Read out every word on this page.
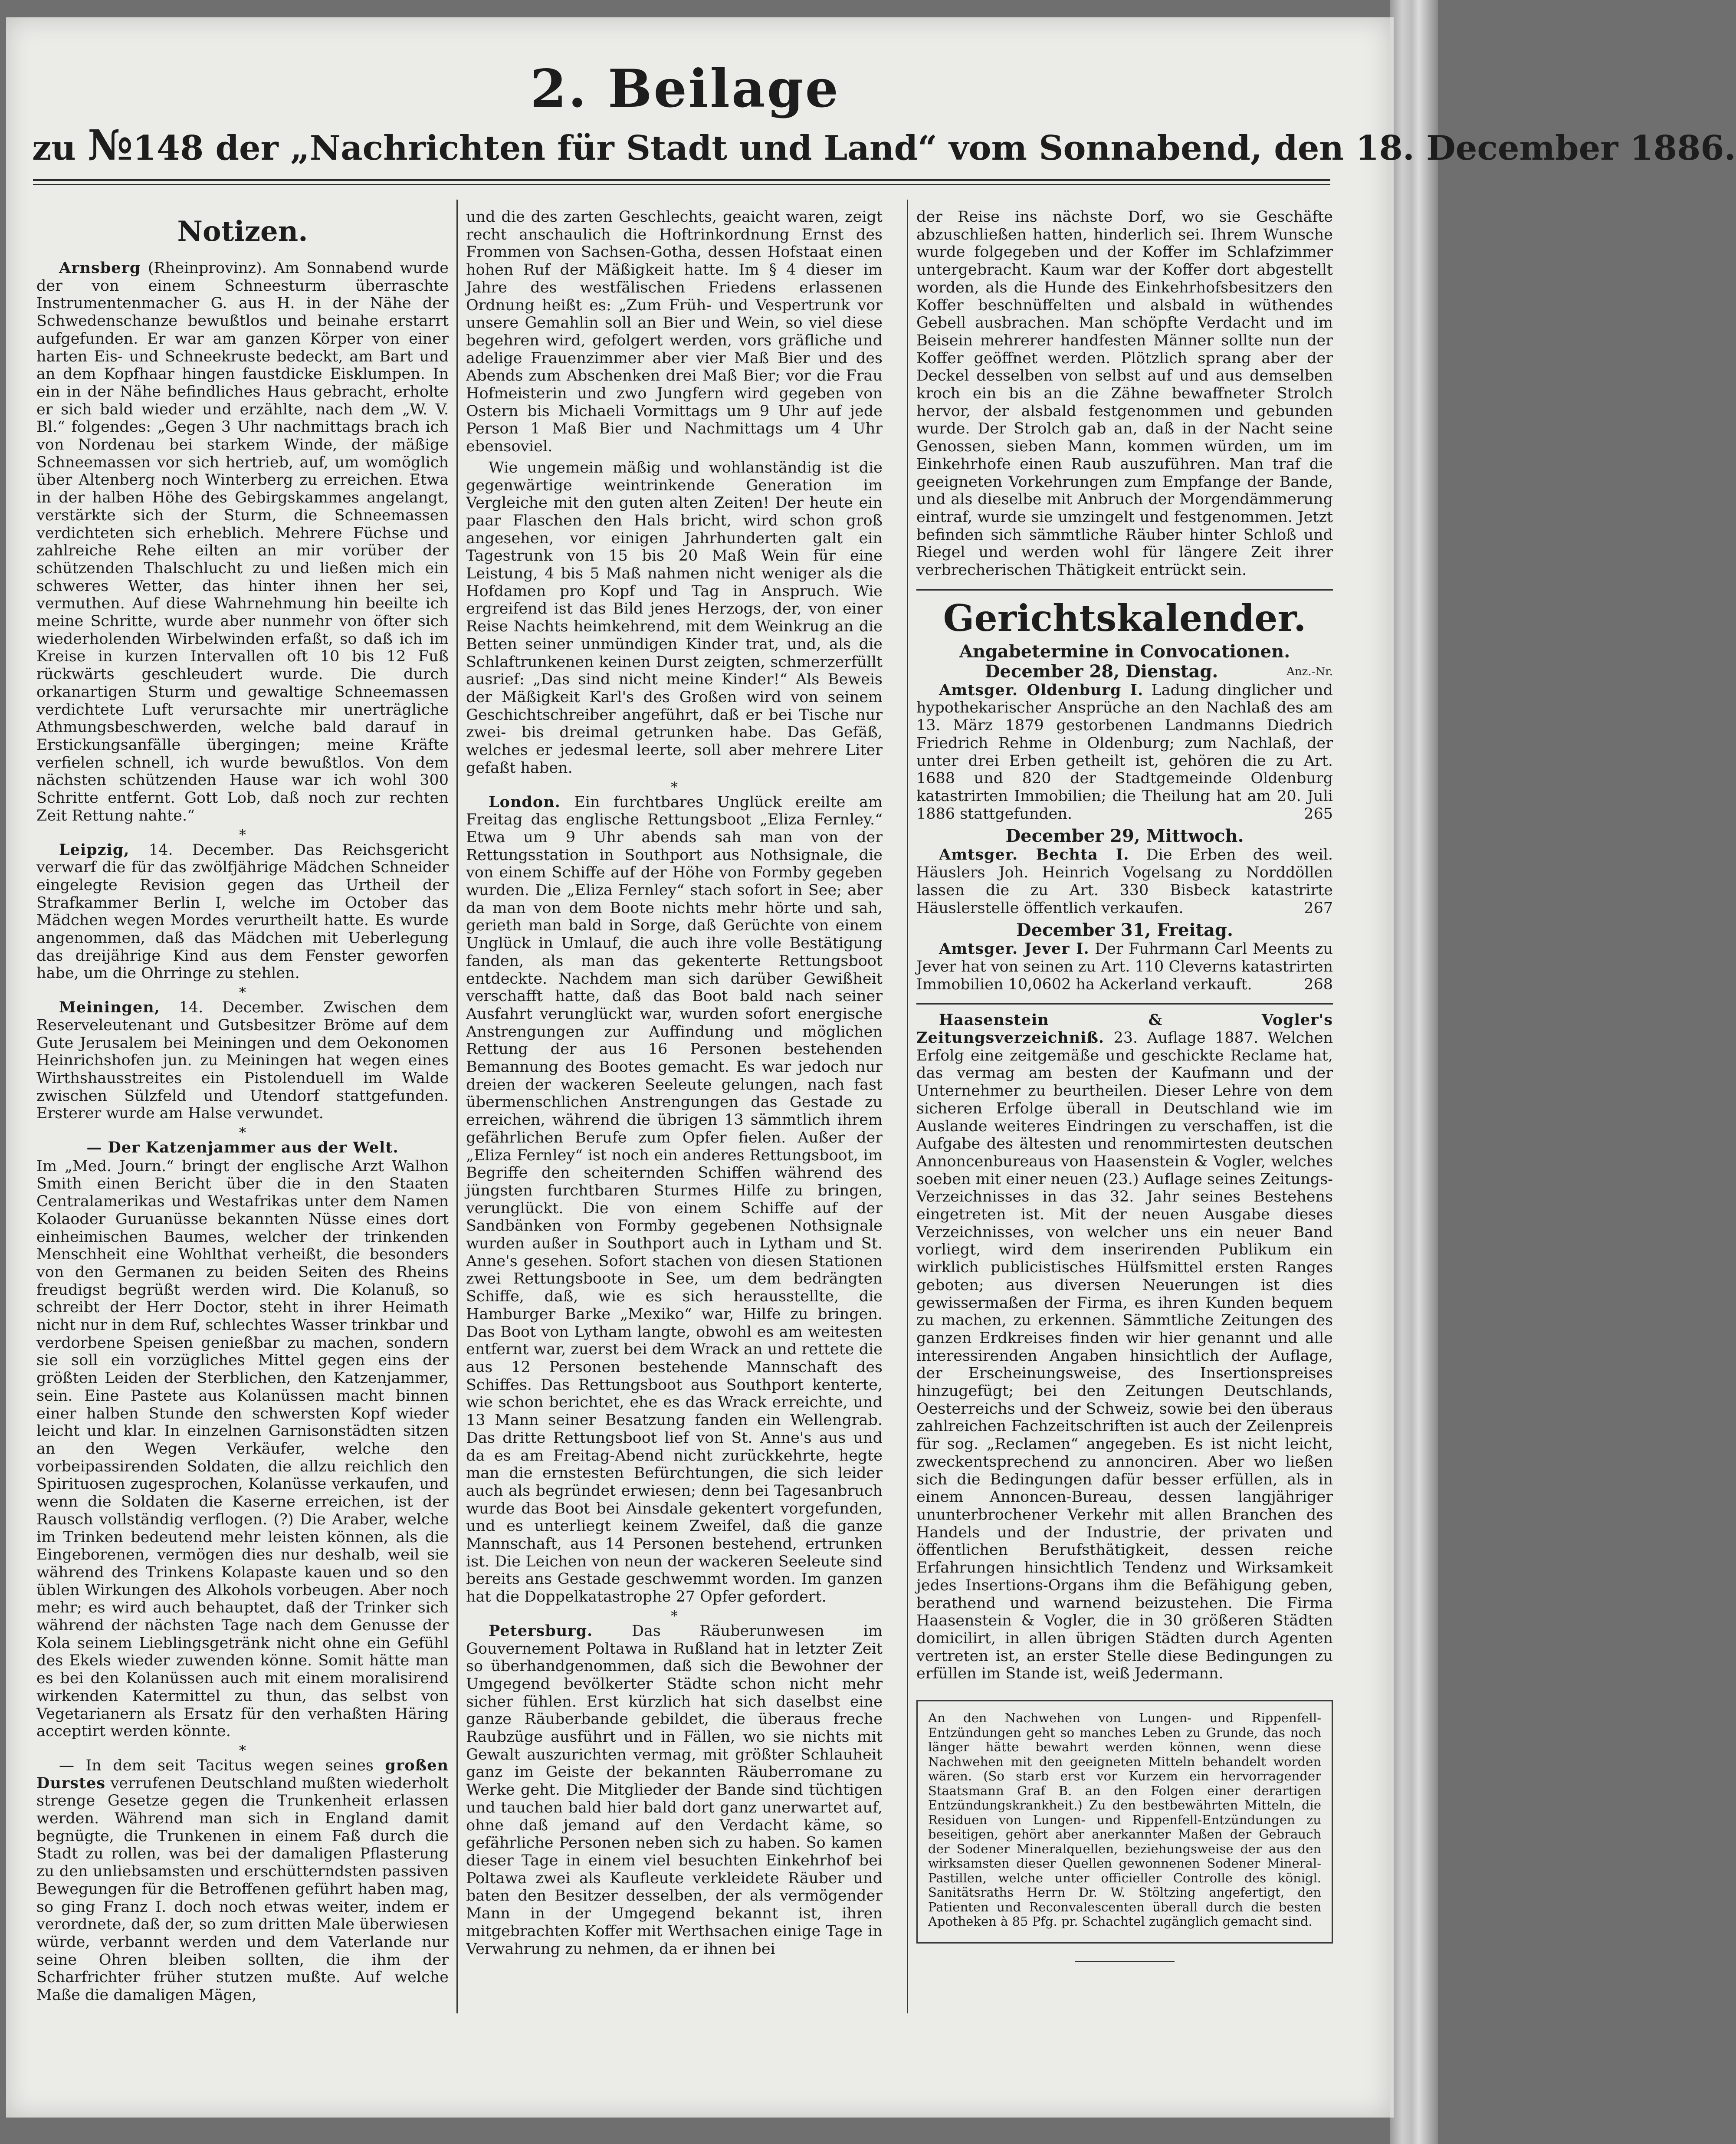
2. Beilage
zu №148 der „Nachrichten für Stadt und Land“ vom Sonnabend, den 18. December 1886.
Notizen.

Arnsberg (Rheinprovinz). Am Sonnabend wurde der von einem Schneesturm überraschte Instrumentenmacher G. aus H. in der Nähe der Schwedenschanze bewußtlos und beinahe erstarrt aufgefunden. Er war am ganzen Körper von einer harten Eis- und Schneekruste bedeckt, am Bart und an dem Kopfhaar hingen faustdicke Eisklumpen. In ein in der Nähe befindliches Haus gebracht, erholte er sich bald wieder und erzählte, nach dem „W. V. Bl.“ folgendes: „Gegen 3 Uhr nachmittags brach ich von Nordenau bei starkem Winde, der mäßige Schneemassen vor sich hertrieb, auf, um womöglich über Altenberg noch Winterberg zu erreichen. Etwa in der halben Höhe des Gebirgskammes angelangt, verstärkte sich der Sturm, die Schneemassen verdichteten sich erheblich. Mehrere Füchse und zahlreiche Rehe eilten an mir vorüber der schützenden Thalschlucht zu und ließen mich ein schweres Wetter, das hinter ihnen her sei, vermuthen. Auf diese Wahrnehmung hin beeilte ich meine Schritte, wurde aber nunmehr von öfter sich wiederholenden Wirbelwinden erfaßt, so daß ich im Kreise in kurzen Intervallen oft 10 bis 12 Fuß rückwärts geschleudert wurde. Die durch orkanartigen Sturm und gewaltige Schneemassen verdichtete Luft verursachte mir unerträgliche Athmungsbeschwerden, welche bald darauf in Erstickungsanfälle übergingen; meine Kräfte verfielen schnell, ich wurde bewußtlos. Von dem nächsten schützenden Hause war ich wohl 300 Schritte entfernt. Gott Lob, daß noch zur rechten Zeit Rettung nahte.“

*

Leipzig, 14. December. Das Reichsgericht verwarf die für das zwölfjährige Mädchen Schneider eingelegte Revision gegen das Urtheil der Strafkammer Berlin I, welche im October das Mädchen wegen Mordes verurtheilt hatte. Es wurde angenommen, daß das Mädchen mit Ueberlegung das dreijährige Kind aus dem Fenster geworfen habe, um die Ohrringe zu stehlen.

*

Meiningen, 14. December. Zwischen dem Reserveleutenant und Gutsbesitzer Bröme auf dem Gute Jerusalem bei Meiningen und dem Oekonomen Heinrichshofen jun. zu Meiningen hat wegen eines Wirthshausstreites ein Pistolenduell im Walde zwischen Sülzfeld und Utendorf stattgefunden. Ersterer wurde am Halse verwundet.

*

— Der Katzenjammer aus der Welt.

Im „Med. Journ.“ bringt der englische Arzt Walhon Smith einen Bericht über die in den Staaten Centralamerikas und Westafrikas unter dem Namen Kolaoder Guruanüsse bekannten Nüsse eines dort einheimischen Baumes, welcher der trinkenden Menschheit eine Wohlthat verheißt, die besonders von den Germanen zu beiden Seiten des Rheins freudigst begrüßt werden wird. Die Kolanuß, so schreibt der Herr Doctor, steht in ihrer Heimath nicht nur in dem Ruf, schlechtes Wasser trinkbar und verdorbene Speisen genießbar zu machen, sondern sie soll ein vorzügliches Mittel gegen eins der größten Leiden der Sterblichen, den Katzenjammer, sein. Eine Pastete aus Kolanüssen macht binnen einer halben Stunde den schwersten Kopf wieder leicht und klar. In einzelnen Garnisonstädten sitzen an den Wegen Verkäufer, welche den vorbeipassirenden Soldaten, die allzu reichlich den Spirituosen zugesprochen, Kolanüsse verkaufen, und wenn die Soldaten die Kaserne erreichen, ist der Rausch vollständig verflogen. (?) Die Araber, welche im Trinken bedeutend mehr leisten können, als die Eingeborenen, vermögen dies nur deshalb, weil sie während des Trinkens Kolapaste kauen und so den üblen Wirkungen des Alkohols vorbeugen. Aber noch mehr; es wird auch behauptet, daß der Trinker sich während der nächsten Tage nach dem Genusse der Kola seinem Lieblingsgetränk nicht ohne ein Gefühl des Ekels wieder zuwenden könne. Somit hätte man es bei den Kolanüssen auch mit einem moralisirend wirkenden Katermittel zu thun, das selbst von Vegetarianern als Ersatz für den verhaßten Häring acceptirt werden könnte.

*

— In dem seit Tacitus wegen seines großen Durstes verrufenen Deutschland mußten wiederholt strenge Gesetze gegen die Trunkenheit erlassen werden. Während man sich in England damit begnügte, die Trunkenen in einem Faß durch die Stadt zu rollen, was bei der damaligen Pflasterung zu den unliebsamsten und erschütterndsten passiven Bewegungen für die Betroffenen geführt haben mag, so ging Franz I. doch noch etwas weiter, indem er verordnete, daß der, so zum dritten Male überwiesen würde, verbannt werden und dem Vaterlande nur seine Ohren bleiben sollten, die ihm der Scharfrichter früher stutzen mußte. Auf welche Maße die damaligen Mägen,

und die des zarten Geschlechts, geaicht waren, zeigt recht anschaulich die Hoftrinkordnung Ernst des Frommen von Sachsen-Gotha, dessen Hofstaat einen hohen Ruf der Mäßigkeit hatte. Im § 4 dieser im Jahre des westfälischen Friedens erlassenen Ordnung heißt es: „Zum Früh- und Vespertrunk vor unsere Gemahlin soll an Bier und Wein, so viel diese begehren wird, gefolgert werden, vors gräfliche und adelige Frauenzimmer aber vier Maß Bier und des Abends zum Abschenken drei Maß Bier; vor die Frau Hofmeisterin und zwo Jungfern wird gegeben von Ostern bis Michaeli Vormittags um 9 Uhr auf jede Person 1 Maß Bier und Nachmittags um 4 Uhr ebensoviel.

Wie ungemein mäßig und wohlanständig ist die gegenwärtige weintrinkende Generation im Vergleiche mit den guten alten Zeiten! Der heute ein paar Flaschen den Hals bricht, wird schon groß angesehen, vor einigen Jahrhunderten galt ein Tagestrunk von 15 bis 20 Maß Wein für eine Leistung, 4 bis 5 Maß nahmen nicht weniger als die Hofdamen pro Kopf und Tag in Anspruch. Wie ergreifend ist das Bild jenes Herzogs, der, von einer Reise Nachts heimkehrend, mit dem Weinkrug an die Betten seiner unmündigen Kinder trat, und, als die Schlaftrunkenen keinen Durst zeigten, schmerzerfüllt ausrief: „Das sind nicht meine Kinder!“ Als Beweis der Mäßigkeit Karl's des Großen wird von seinem Geschichtschreiber angeführt, daß er bei Tische nur zwei- bis dreimal getrunken habe. Das Gefäß, welches er jedesmal leerte, soll aber mehrere Liter gefaßt haben.

*

London. Ein furchtbares Unglück ereilte am Freitag das englische Rettungsboot „Eliza Fernley.“ Etwa um 9 Uhr abends sah man von der Rettungsstation in Southport aus Nothsignale, die von einem Schiffe auf der Höhe von Formby gegeben wurden. Die „Eliza Fernley“ stach sofort in See; aber da man von dem Boote nichts mehr hörte und sah, gerieth man bald in Sorge, daß Gerüchte von einem Unglück in Umlauf, die auch ihre volle Bestätigung fanden, als man das gekenterte Rettungsboot entdeckte. Nachdem man sich darüber Gewißheit verschafft hatte, daß das Boot bald nach seiner Ausfahrt verunglückt war, wurden sofort energische Anstrengungen zur Auffindung und möglichen Rettung der aus 16 Personen bestehenden Bemannung des Bootes gemacht. Es war jedoch nur dreien der wackeren Seeleute gelungen, nach fast übermenschlichen Anstrengungen das Gestade zu erreichen, während die übrigen 13 sämmtlich ihrem gefährlichen Berufe zum Opfer fielen. Außer der „Eliza Fernley“ ist noch ein anderes Rettungsboot, im Begriffe den scheiternden Schiffen während des jüngsten furchtbaren Sturmes Hilfe zu bringen, verunglückt. Die von einem Schiffe auf der Sandbänken von Formby gegebenen Nothsignale wurden außer in Southport auch in Lytham und St. Anne's gesehen. Sofort stachen von diesen Stationen zwei Rettungsboote in See, um dem bedrängten Schiffe, daß, wie es sich herausstellte, die Hamburger Barke „Mexiko“ war, Hilfe zu bringen. Das Boot von Lytham langte, obwohl es am weitesten entfernt war, zuerst bei dem Wrack an und rettete die aus 12 Personen bestehende Mannschaft des Schiffes. Das Rettungsboot aus Southport kenterte, wie schon berichtet, ehe es das Wrack erreichte, und 13 Mann seiner Besatzung fanden ein Wellengrab. Das dritte Rettungsboot lief von St. Anne's aus und da es am Freitag-Abend nicht zurückkehrte, hegte man die ernstesten Befürchtungen, die sich leider auch als begründet erwiesen; denn bei Tagesanbruch wurde das Boot bei Ainsdale gekentert vorgefunden, und es unterliegt keinem Zweifel, daß die ganze Mannschaft, aus 14 Personen bestehend, ertrunken ist. Die Leichen von neun der wackeren Seeleute sind bereits ans Gestade geschwemmt worden. Im ganzen hat die Doppelkatastrophe 27 Opfer gefordert.

*

Petersburg.	Das Räuberunwesen im Gouvernement Poltawa in Rußland hat in letzter Zeit so überhandgenommen, daß sich die Bewohner der Umgegend bevölkerter Städte schon nicht mehr sicher fühlen. Erst kürzlich hat sich daselbst eine ganze Räuberbande gebildet, die überaus freche Raubzüge ausführt und in Fällen, wo sie nichts mit Gewalt auszurichten vermag, mit größter Schlauheit ganz im Geiste der bekannten Räuberromane zu Werke geht. Die Mitglieder der Bande sind tüchtigen und tauchen bald hier bald dort ganz unerwartet auf, ohne daß jemand auf den Verdacht käme, so gefährliche Personen neben sich zu haben. So kamen dieser Tage in einem viel besuchten Einkehrhof bei Poltawa zwei als Kaufleute verkleidete Räuber und baten den Besitzer desselben, der als vermögender Mann in der Umgegend bekannt ist, ihren mitgebrachten Koffer mit Werthsachen einige Tage in Verwahrung zu nehmen, da er ihnen bei

der Reise ins nächste Dorf, wo sie Geschäfte abzuschließen hatten, hinderlich sei. Ihrem Wunsche wurde folgegeben und der Koffer im Schlafzimmer untergebracht. Kaum war der Koffer dort abgestellt worden, als die Hunde des Einkehrhofsbesitzers den Koffer beschnüffelten und alsbald in wüthendes Gebell ausbrachen. Man schöpfte Verdacht und im Beisein mehrerer handfesten Männer sollte nun der Koffer geöffnet werden. Plötzlich sprang aber der Deckel desselben von selbst auf und aus demselben kroch ein bis an die Zähne bewaffneter Strolch hervor, der alsbald festgenommen und gebunden wurde. Der Strolch gab an, daß in der Nacht seine Genossen, sieben Mann, kommen würden, um im Einkehrhofe einen Raub auszuführen. Man traf die geeigneten Vorkehrungen zum Empfange der Bande, und als dieselbe mit Anbruch der Morgendämmerung eintraf, wurde sie umzingelt und festgenommen. Jetzt befinden sich sämmtliche Räuber hinter Schloß und Riegel und werden wohl für längere Zeit ihrer verbrecherischen Thätigkeit entrückt sein.

Gerichtskalender.
Angabetermine in Convocationen.
December 28, Dienstag.	Anz.-Nr.

Amtsger. Oldenburg I. Ladung dinglicher und hypothekarischer Ansprüche an den Nachlaß des am 13. März 1879 gestorbenen Landmanns Diedrich Friedrich Rehme in Oldenburg; zum Nachlaß, der unter drei Erben getheilt ist, gehören die zu Art. 1688 und 820 der Stadtgemeinde Oldenburg katastrirten Immobilien; die Theilung hat am 20. Juli 1886 stattgefunden.	265

December 29, Mittwoch.

Amtsger. Bechta I. Die Erben des weil. Häuslers Joh. Heinrich Vogelsang zu Norddöllen lassen die zu Art. 330 Bisbeck katastrirte Häuslerstelle öffentlich verkaufen.	267

December 31, Freitag.

Amtsger. Jever I. Der Fuhrmann Carl Meents zu Jever hat von seinen zu Art. 110 Cleverns katastrirten Immobilien 10,0602 ha Ackerland verkauft.	268

Haasenstein & Vogler's Zeitungsverzeichniß. 23. Auflage 1887. Welchen Erfolg eine zeitgemäße und geschickte Reclame hat, das vermag am besten der Kaufmann und der Unternehmer zu beurtheilen. Dieser Lehre von dem sicheren Erfolge überall in Deutschland wie im Auslande weiteres Eindringen zu verschaffen, ist die Aufgabe des ältesten und renommirtesten deutschen Annoncenbureaus von Haasenstein & Vogler, welches soeben mit einer neuen (23.) Auflage seines Zeitungs-Verzeichnisses in das 32. Jahr seines Bestehens eingetreten ist. Mit der neuen Ausgabe dieses Verzeichnisses, von welcher uns ein neuer Band vorliegt, wird dem inserirenden Publikum ein wirklich publicistisches Hülfsmittel ersten Ranges geboten; aus diversen Neuerungen ist dies gewissermaßen der Firma, es ihren Kunden bequem zu machen, zu erkennen. Sämmtliche Zeitungen des ganzen Erdkreises finden wir hier genannt und alle interessirenden Angaben hinsichtlich der Auflage, der Erscheinungsweise, des Insertionspreises hinzugefügt; bei den Zeitungen Deutschlands, Oesterreichs und der Schweiz, sowie bei den überaus zahlreichen Fachzeitschriften ist auch der Zeilenpreis für sog. „Reclamen“ angegeben. Es ist nicht leicht, zweckentsprechend zu annonciren. Aber wo ließen sich die Bedingungen dafür besser erfüllen, als in einem Annoncen-Bureau, dessen langjähriger ununterbrochener Verkehr mit allen Branchen des Handels und der Industrie, der privaten und öffentlichen Berufsthätigkeit, dessen reiche Erfahrungen hinsichtlich Tendenz und Wirksamkeit jedes Insertions-Organs ihm die Befähigung geben, berathend und warnend beizustehen. Die Firma Haasenstein & Vogler, die in 30 größeren Städten domicilirt, in allen übrigen Städten durch Agenten vertreten ist, an erster Stelle diese Bedingungen zu erfüllen im Stande ist, weiß Jedermann.

An den Nachwehen von Lungen- und Rippenfell-Entzündungen geht so manches Leben zu Grunde, das noch länger hätte bewahrt werden können, wenn diese Nachwehen mit den geeigneten Mitteln behandelt worden wären. (So starb erst vor Kurzem ein hervorragender Staatsmann Graf B. an den Folgen einer derartigen Entzündungskrankheit.) Zu den bestbewährten Mitteln, die Residuen von Lungen- und Rippenfell-Entzündungen zu beseitigen, gehört aber anerkannter Maßen der Gebrauch der Sodener Mineralquellen, beziehungsweise der aus den wirksamsten dieser Quellen gewonnenen Sodener Mineral-Pastillen, welche unter officieller Controlle des königl. Sanitätsraths Herrn Dr. W. Stöltzing angefertigt, den Patienten und Reconvalescenten überall durch die besten Apotheken à 85 Pfg. pr. Schachtel zugänglich gemacht sind.
